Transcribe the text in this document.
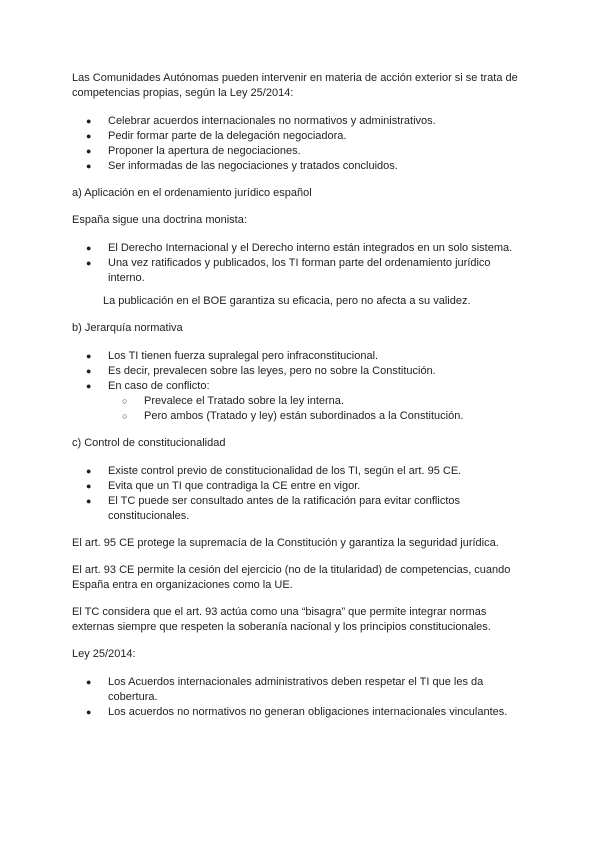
Las Comunidades Autónomas pueden intervenir en materia de acción exterior si se trata de competencias propias, según la Ley 25/2014:

● Celebrar acuerdos internacionales no normativos y administrativos.
● Pedir formar parte de la delegación negociadora.
● Proponer la apertura de negociaciones.
● Ser informadas de las negociaciones y tratados concluidos.

a) Aplicación en el ordenamiento jurídico español

España sigue una doctrina monista:

● El Derecho Internacional y el Derecho interno están integrados en un solo sistema.
● Una vez ratificados y publicados, los TI forman parte del ordenamiento jurídico interno.

La publicación en el BOE garantiza su eficacia, pero no afecta a su validez.

b) Jerarquía normativa

● Los TI tienen fuerza supralegal pero infraconstitucional.
● Es decir, prevalecen sobre las leyes, pero no sobre la Constitución.
● En caso de conflicto:
○ Prevalece el Tratado sobre la ley interna.
○ Pero ambos (Tratado y ley) están subordinados a la Constitución.

c) Control de constitucionalidad

● Existe control previo de constitucionalidad de los TI, según el art. 95 CE.
● Evita que un TI que contradiga la CE entre en vigor.
● El TC puede ser consultado antes de la ratificación para evitar conflictos constitucionales.

El art. 95 CE protege la supremacía de la Constitución y garantiza la seguridad jurídica.

El art. 93 CE permite la cesión del ejercicio (no de la titularidad) de competencias, cuando España entra en organizaciones como la UE.

El TC considera que el art. 93 actúa como una “bisagra” que permite integrar normas externas siempre que respeten la soberanía nacional y los principios constitucionales.

Ley 25/2014:

● Los Acuerdos internacionales administrativos deben respetar el TI que les da cobertura.
● Los acuerdos no normativos no generan obligaciones internacionales vinculantes.
